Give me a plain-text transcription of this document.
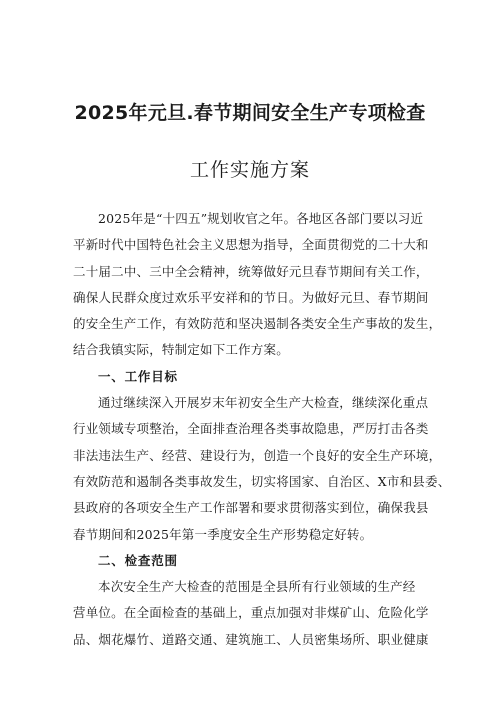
2025年元旦.春节期间安全生产专项检查
工作实施方案
2025年是“十四五”规划收官之年。各地区各部门要以习近
平新时代中国特色社会主义思想为指导，全面贯彻党的二十大和
二十届二中、三中全会精神，统筹做好元旦春节期间有关工作，
确保人民群众度过欢乐平安祥和的节日。为做好元旦、春节期间
的安全生产工作，有效防范和坚决遏制各类安全生产事故的发生，
结合我镇实际，特制定如下工作方案。
一、工作目标
通过继续深入开展岁末年初安全生产大检查，继续深化重点
行业领域专项整治，全面排查治理各类事故隐患，严厉打击各类
非法违法生产、经营、建设行为，创造一个良好的安全生产环境，
有效防范和遏制各类事故发生，切实将国家、自治区、X市和县委、
县政府的各项安全生产工作部署和要求贯彻落实到位，确保我县
春节期间和2025年第一季度安全生产形势稳定好转。
二、检查范围
本次安全生产大检查的范围是全县所有行业领域的生产经
营单位。在全面检查的基础上，重点加强对非煤矿山、危险化学
品、烟花爆竹、道路交通、建筑施工、人员密集场所、职业健康
